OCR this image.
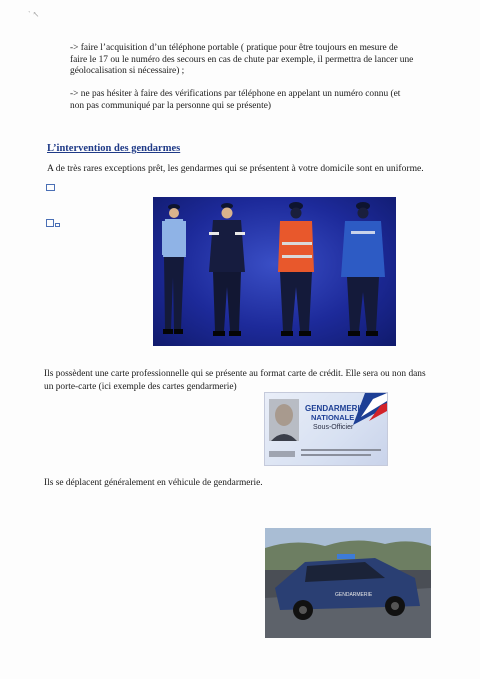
` ↖

-> faire l’acquisition d’un téléphone portable ( pratique pour être toujours en mesure de faire le 17 ou le numéro des secours en cas de chute par exemple, il permettra de lancer une géolocalisation si nécessaire) ;

-> ne pas hésiter à faire des vérifications par téléphone en appelant un numéro connu (et non pas communiqué par la personne qui se présente)

L’intervention des gendarmes

A de très rares exceptions prêt, les gendarmes qui se présentent à votre domicile sont en uniforme.

Ils possèdent une carte professionnelle qui se présente au format carte de crédit. Elle sera ou non dans un porte-carte (ici exemple des cartes gendarmerie)

GENDARMERIE
NATIONALE
Sous-Officier

Ils se déplacent généralement en véhicule de gendarmerie.

GENDARMERIE
